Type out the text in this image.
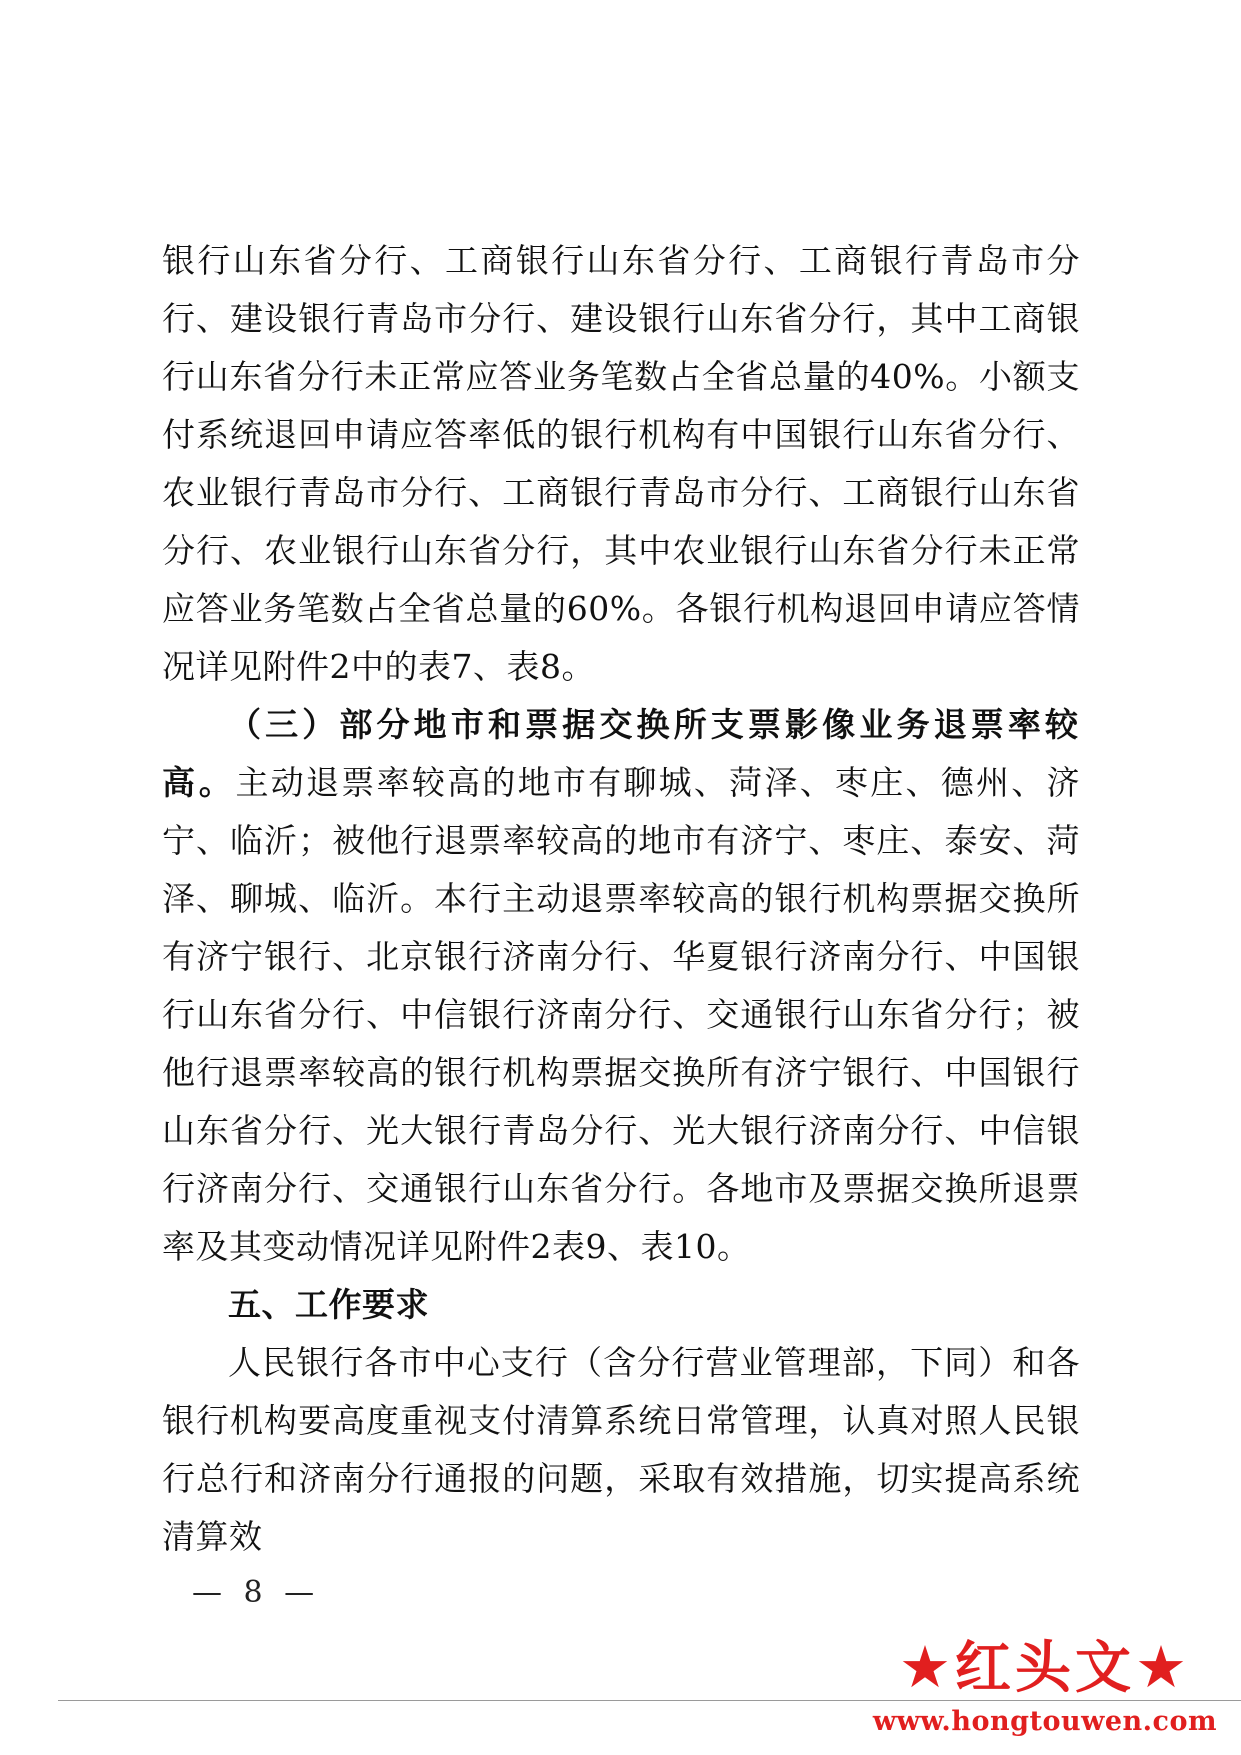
银行山东省分行、工商银行山东省分行、工商银行青岛市分行、建设银行青岛市分行、建设银行山东省分行，其中工商银行山东省分行未正常应答业务笔数占全省总量的40%。小额支付系统退回申请应答率低的银行机构有中国银行山东省分行、农业银行青岛市分行、工商银行青岛市分行、工商银行山东省分行、农业银行山东省分行，其中农业银行山东省分行未正常应答业务笔数占全省总量的60%。各银行机构退回申请应答情况详见附件2中的表7、表8。

（三）部分地市和票据交换所支票影像业务退票率较高。主动退票率较高的地市有聊城、菏泽、枣庄、德州、济宁、临沂；被他行退票率较高的地市有济宁、枣庄、泰安、菏泽、聊城、临沂。本行主动退票率较高的银行机构票据交换所有济宁银行、北京银行济南分行、华夏银行济南分行、中国银行山东省分行、中信银行济南分行、交通银行山东省分行；被他行退票率较高的银行机构票据交换所有济宁银行、中国银行山东省分行、光大银行青岛分行、光大银行济南分行、中信银行济南分行、交通银行山东省分行。各地市及票据交换所退票率及其变动情况详见附件2表9、表10。

五、工作要求

人民银行各市中心支行（含分行营业管理部，下同）和各银行机构要高度重视支付清算系统日常管理，认真对照人民银行总行和济南分行通报的问题，采取有效措施，切实提高系统清算效

— 8 —
★红头文★
www.hongtouwen.com
